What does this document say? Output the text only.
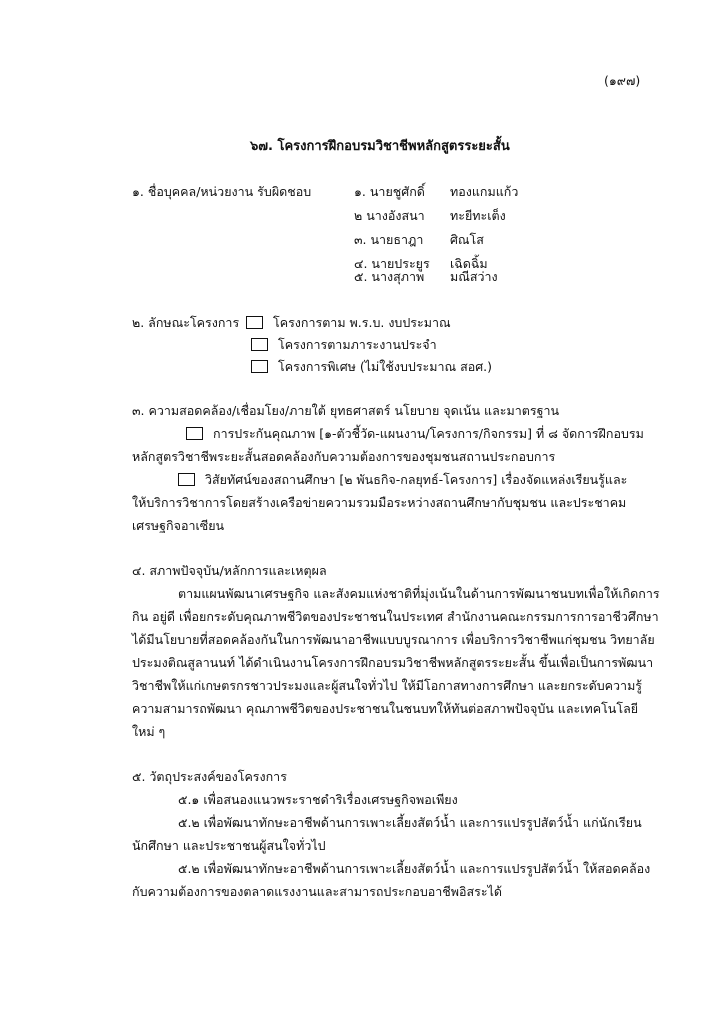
(๑๙๗)
๖๗. โครงการฝึกอบรมวิชาชีพหลักสูตรระยะสั้น
๑. ชื่อบุคคล/หน่วยงาน รับผิดชอบ	๑. นายชูศักดิ์ ทองแกมแก้ว
๒ นางอังสนา ทะยีทะเต็ง
๓. นายธาฎา ศิณโส
๔. นายประยูร เฉิดฉิ้ม
๕. นางสุภาพ มณีสว่าง
๒. ลักษณะโครงการ	โครงการตาม พ.ร.บ. งบประมาณ
โครงการตามภาระงานประจำ
โครงการพิเศษ (ไม่ใช้งบประมาณ สอศ.)
๓. ความสอดคล้อง/เชื่อมโยง/ภายใต้ ยุทธศาสตร์ นโยบาย จุดเน้น และมาตรฐาน
การประกันคุณภาพ [๑-ตัวชี้วัด-แผนงาน/โครงการ/กิจกรรม] ที่ ๘ จัดการฝึกอบรม
หลักสูตรวิชาชีพระยะสั้นสอดคล้องกับความต้องการของชุมชนสถานประกอบการ
วิสัยทัศน์ของสถานศึกษา [๒ พันธกิจ-กลยุทธ์-โครงการ] เรื่องจัดแหล่งเรียนรู้และ
ให้บริการวิชาการโดยสร้างเครือข่ายความรวมมือระหว่างสถานศึกษากับชุมชน และประชาคม
เศรษฐกิจอาเซียน
๔. สภาพปัจจุบัน/หลักการและเหตุผล
ตามแผนพัฒนาเศรษฐกิจ และสังคมแห่งชาติที่มุ่งเน้นในด้านการพัฒนาชนบทเพื่อให้เกิดการ
กิน อยู่ดี เพื่อยกระดับคุณภาพชีวิตของประชาชนในประเทศ สำนักงานคณะกรรมการการอาชีวศึกษา
ได้มีนโยบายที่สอดคล้องกันในการพัฒนาอาชีพแบบบูรณาการ เพื่อบริการวิชาชีพแก่ชุมชน วิทยาลัย
ประมงติณสูลานนท์ ได้ดำเนินงานโครงการฝึกอบรมวิชาชีพหลักสูตรระยะสั้น ขึ้นเพื่อเป็นการพัฒนา
วิชาชีพให้แก่เกษตรกรชาวประมงและผู้สนใจทั่วไป ให้มีโอกาสทางการศึกษา และยกระดับความรู้
ความสามารถพัฒนา คุณภาพชีวิตของประชาชนในชนบทให้ทันต่อสภาพปัจจุบัน และเทคโนโลยี
ใหม่ ๆ
๕. วัตถุประสงค์ของโครงการ
๕.๑ เพื่อสนองแนวพระราชดำริเรื่องเศรษฐกิจพอเพียง
๕.๒ เพื่อพัฒนาทักษะอาชีพด้านการเพาะเลี้ยงสัตว์น้ำ และการแปรรูปสัตว์น้ำ แก่นักเรียน
นักศึกษา และประชาชนผู้สนใจทั่วไป
๕.๒ เพื่อพัฒนาทักษะอาชีพด้านการเพาะเลี้ยงสัตว์น้ำ และการแปรรูปสัตว์น้ำ ให้สอดคล้อง
กับความต้องการของตลาดแรงงานและสามารถประกอบอาชีพอิสระได้
